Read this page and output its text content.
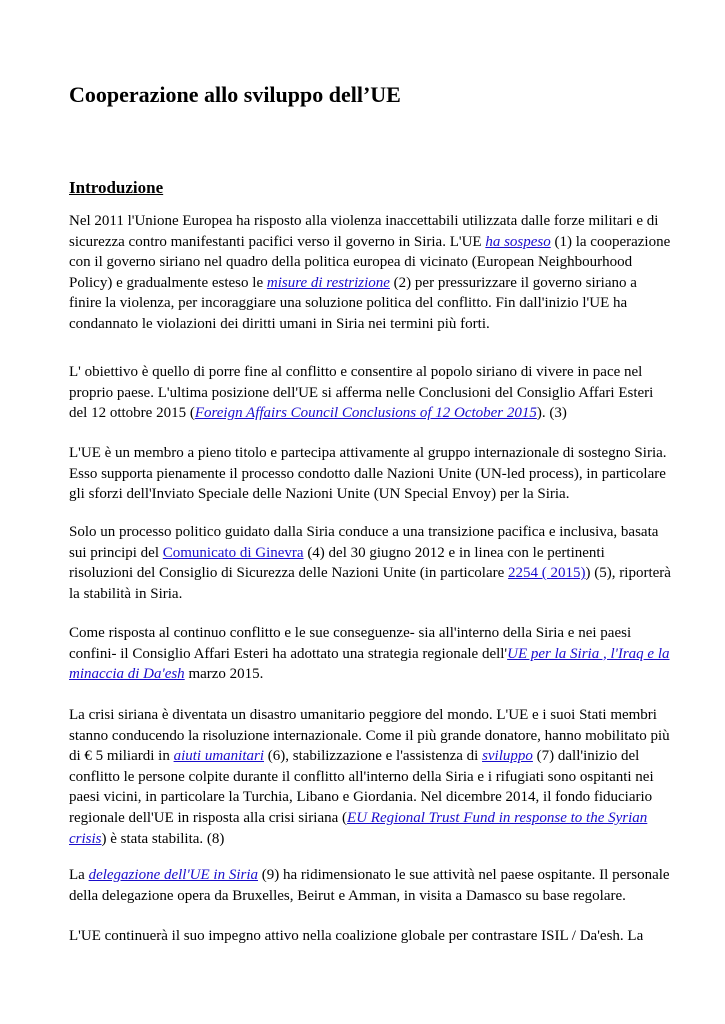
Cooperazione allo sviluppo dell’UE
Introduzione
Nel 2011 l'Unione Europea ha risposto alla violenza inaccettabili utilizzata dalle forze militari e di
sicurezza contro manifestanti pacifici verso il governo in Siria. L'UE ha sospeso (1) la cooperazione
con il governo siriano nel quadro della politica europea di vicinato (European Neighbourhood
Policy) e gradualmente esteso le misure di restrizione (2) per pressurizzare il governo siriano a
finire la violenza, per incoraggiare una soluzione politica del conflitto. Fin dall'inizio l'UE ha
condannato le violazioni dei diritti umani in Siria nei termini più forti.
L' obiettivo è quello di porre fine al conflitto e consentire al popolo siriano di vivere in pace nel
proprio paese. L'ultima posizione dell'UE si afferma nelle Conclusioni del Consiglio Affari Esteri
del 12 ottobre 2015 (Foreign Affairs Council Conclusions of 12 October 2015). (3)
L'UE è un membro a pieno titolo e partecipa attivamente al gruppo internazionale di sostegno Siria.
Esso supporta pienamente il processo condotto dalle Nazioni Unite (UN-led process), in particolare
gli sforzi dell'Inviato Speciale delle Nazioni Unite (UN Special Envoy) per la Siria.
Solo un processo politico guidato dalla Siria conduce a una transizione pacifica e inclusiva, basata
sui principi del Comunicato di Ginevra (4) del 30 giugno 2012 e in linea con le pertinenti
risoluzioni del Consiglio di Sicurezza delle Nazioni Unite (in particolare 2254 ( 2015)) (5), riporterà
la stabilità in Siria.
Come risposta al continuo conflitto e le sue conseguenze- sia all'interno della Siria e nei paesi
confini- il Consiglio Affari Esteri ha adottato una strategia regionale dell'UE per la Siria , l'Iraq e la
minaccia di Da'esh marzo 2015.
La crisi siriana è diventata un disastro umanitario peggiore del mondo. L'UE e i suoi Stati membri
stanno conducendo la risoluzione internazionale. Come il più grande donatore, hanno mobilitato più
di € 5 miliardi in aiuti umanitari (6), stabilizzazione e l'assistenza di sviluppo (7) dall'inizio del
conflitto le persone colpite durante il conflitto all'interno della Siria e i rifugiati sono ospitanti nei
paesi vicini, in particolare la Turchia, Libano e Giordania. Nel dicembre 2014, il fondo fiduciario
regionale dell'UE in risposta alla crisi siriana (EU Regional Trust Fund in response to the Syrian
crisis) è stata stabilita. (8)
La delegazione dell'UE in Siria (9) ha ridimensionato le sue attività nel paese ospitante. Il personale
della delegazione opera da Bruxelles, Beirut e Amman, in visita a Damasco su base regolare.
L'UE continuerà il suo impegno attivo nella coalizione globale per contrastare ISIL / Da'esh. La
